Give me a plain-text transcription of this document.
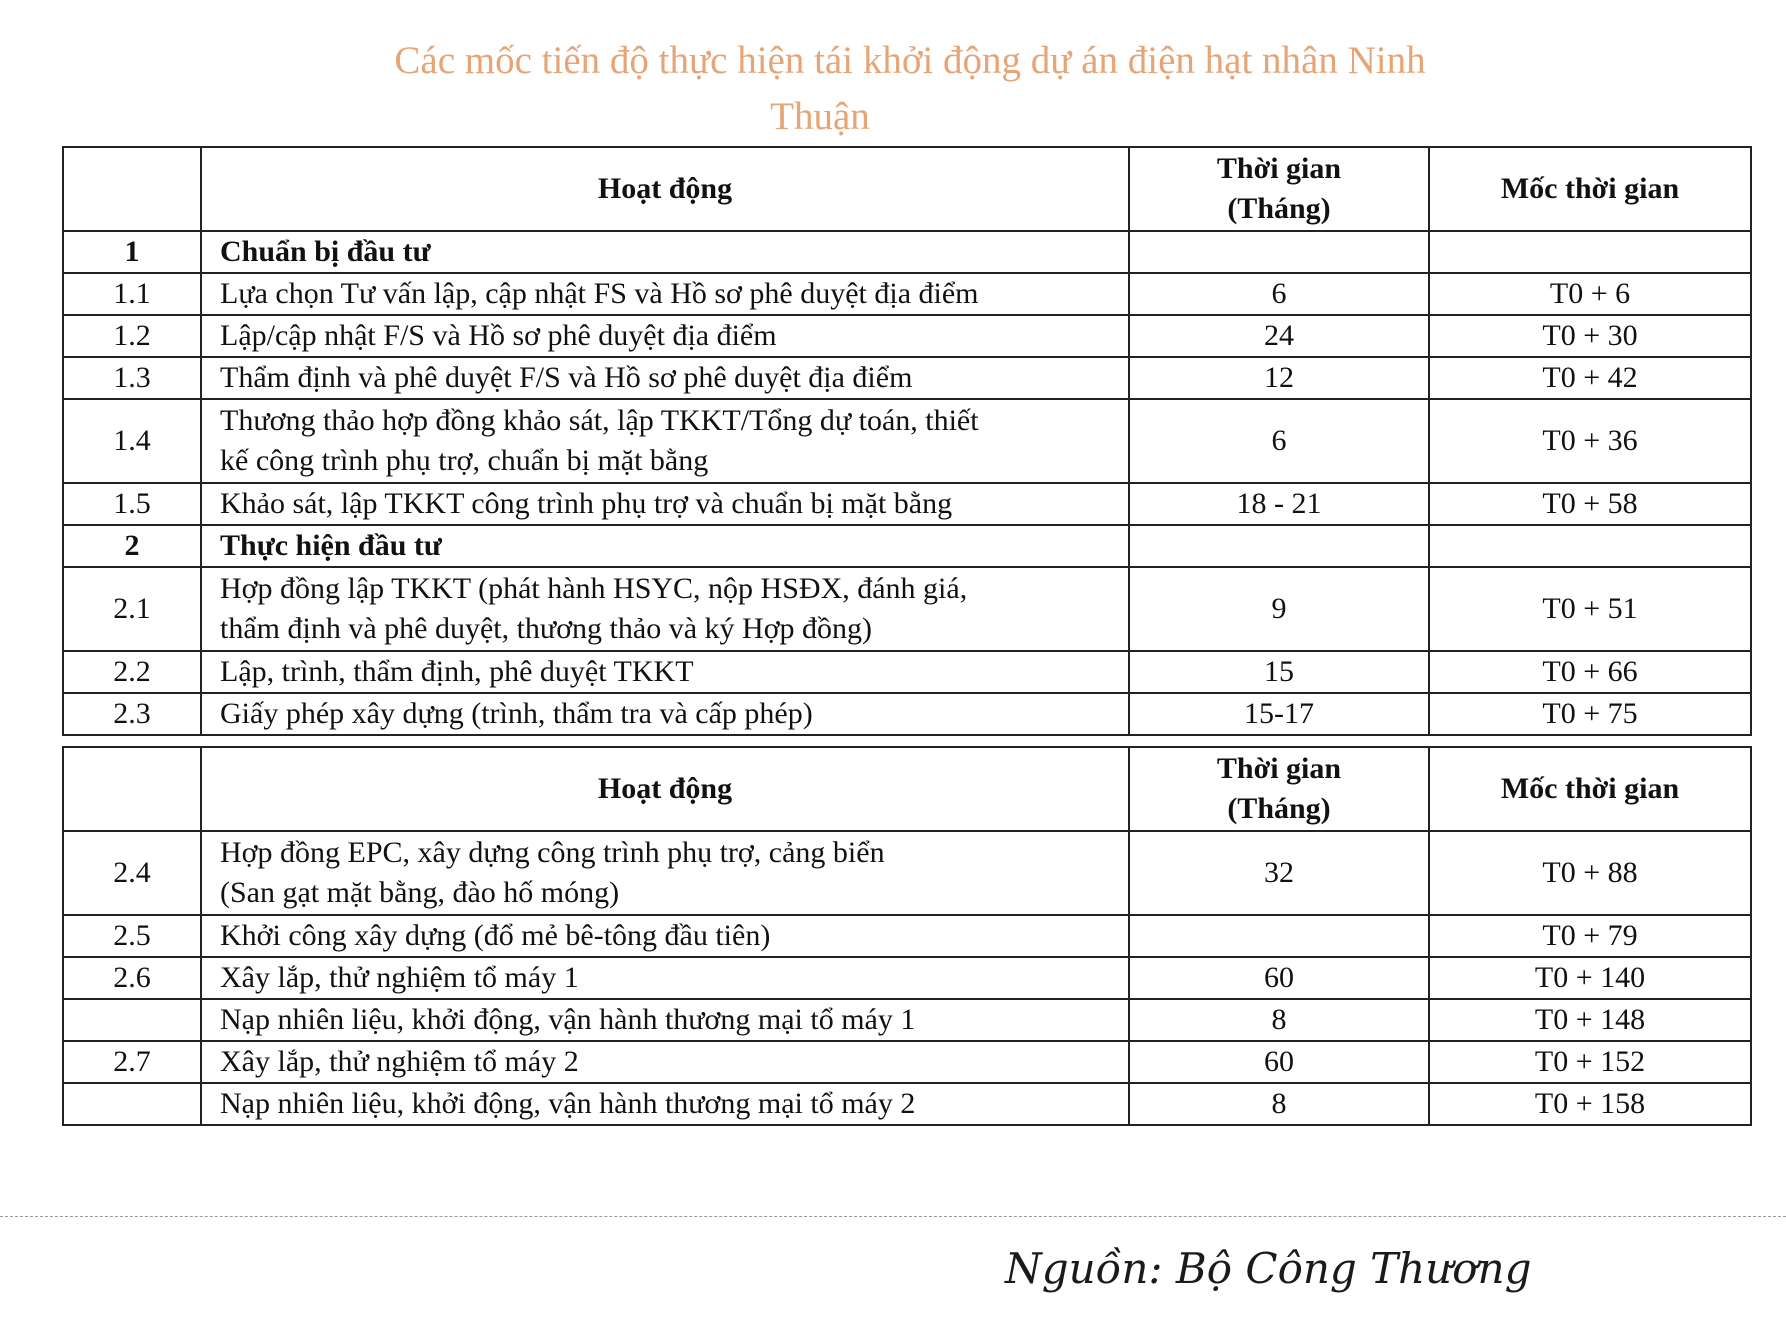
Các mốc tiến độ thực hiện tái khởi động dự án điện hạt nhân Ninh
Thuận
	Hoạt động	Thời gian
(Tháng)	Mốc thời gian
1	Chuẩn bị đầu tư		
1.1	Lựa chọn Tư vấn lập, cập nhật FS và Hồ sơ phê duyệt địa điểm	6	T0 + 6
1.2	Lập/cập nhật F/S và Hồ sơ phê duyệt địa điểm	24	T0 + 30
1.3	Thẩm định và phê duyệt F/S và Hồ sơ phê duyệt địa điểm	12	T0 + 42
1.4	Thương thảo hợp đồng khảo sát, lập TKKT/Tổng dự toán, thiết
kế công trình phụ trợ, chuẩn bị mặt bằng	6	T0 + 36
1.5	Khảo sát, lập TKKT công trình phụ trợ và chuẩn bị mặt bằng	18 - 21	T0 + 58
2	Thực hiện đầu tư		
2.1	Hợp đồng lập TKKT (phát hành HSYC, nộp HSĐX, đánh giá,
thẩm định và phê duyệt, thương thảo và ký Hợp đồng)	9	T0 + 51
2.2	Lập, trình, thẩm định, phê duyệt TKKT	15	T0 + 66
2.3	Giấy phép xây dựng (trình, thẩm tra và cấp phép)	15-17	T0 + 75
	Hoạt động	Thời gian
(Tháng)	Mốc thời gian
2.4	Hợp đồng EPC, xây dựng công trình phụ trợ, cảng biển
(San gạt mặt bằng, đào hố móng)	32	T0 + 88
2.5	Khởi công xây dựng (đổ mẻ bê-tông đầu tiên)		T0 + 79
2.6	Xây lắp, thử nghiệm tổ máy 1	60	T0 + 140
	Nạp nhiên liệu, khởi động, vận hành thương mại tổ máy 1	8	T0 + 148
2.7	Xây lắp, thử nghiệm tổ máy 2	60	T0 + 152
	Nạp nhiên liệu, khởi động, vận hành thương mại tổ máy 2	8	T0 + 158
Nguồn: Bộ Công Thương
